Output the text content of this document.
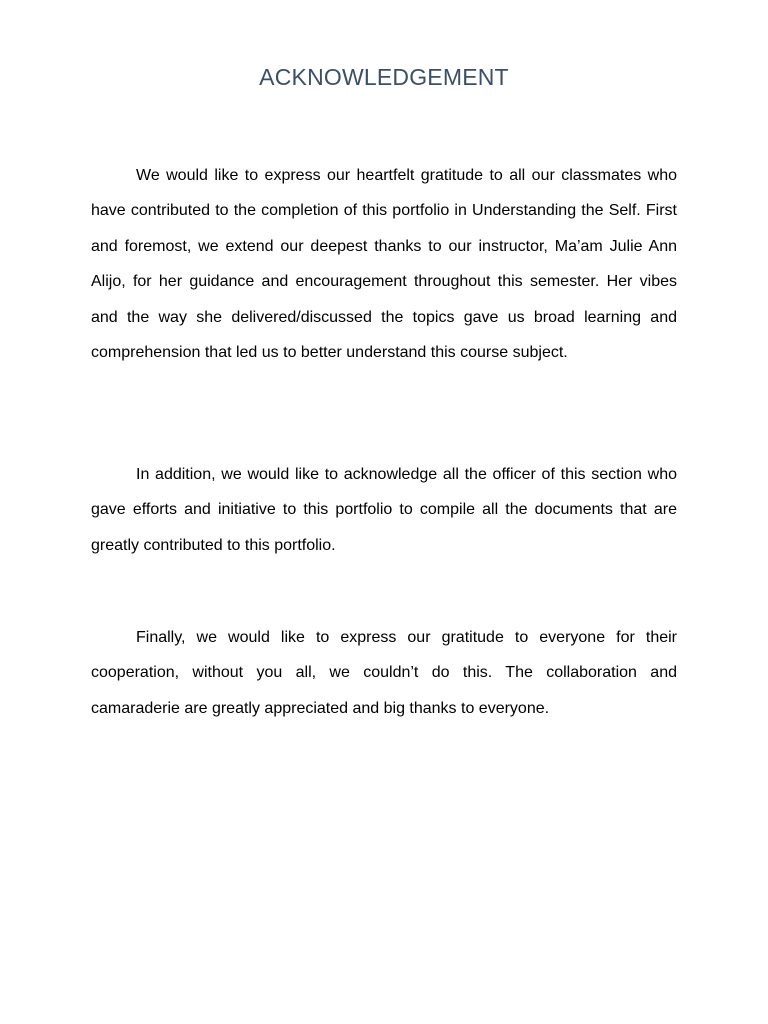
ACKNOWLEDGEMENT

We would like to express our heartfelt gratitude to all our classmates who have contributed to the completion of this portfolio in Understanding the Self. First and foremost, we extend our deepest thanks to our instructor, Ma’am Julie Ann Alijo, for her guidance and encouragement throughout this semester. Her vibes and the way she delivered/discussed the topics gave us broad learning and comprehension that led us to better understand this course subject.

In addition, we would like to acknowledge all the officer of this section who gave efforts and initiative to this portfolio to compile all the documents that are greatly contributed to this portfolio.

Finally, we would like to express our gratitude to everyone for their cooperation, without you all, we couldn’t do this. The collaboration and camaraderie are greatly appreciated and big thanks to everyone.
